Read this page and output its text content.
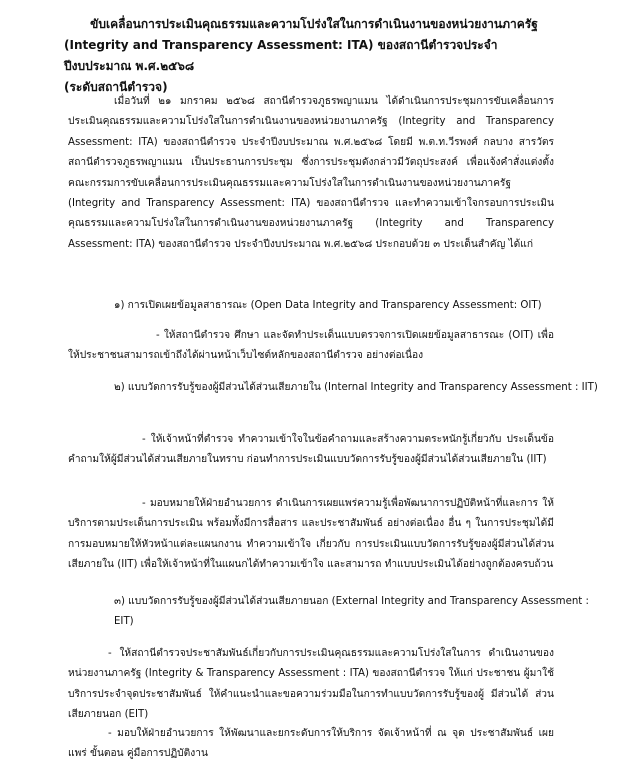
ขับเคลื่อนการประเมินคุณธรรมและความโปร่งใสในการดำเนินงานของหน่วยงานภาครัฐ
(Integrity and Transparency Assessment: ITA) ของสถานีตำรวจประจำปีงบประมาณ พ.ศ.๒๕๖๘
(ระดับสถานีตำรวจ)

เมื่อวันที่ ๒๑ มกราคม ๒๕๖๘ สถานีตำรวจภูธรพญาแมน ได้ดำเนินการประชุมการขับเคลื่อนการประเมินคุณธรรมและความโปร่งใสในการดำเนินงานของหน่วยงานภาครัฐ (Integrity and Transparency Assessment: ITA) ของสถานีตำรวจ ประจำปีงบประมาณ พ.ศ.๒๕๖๘ โดยมี พ.ต.ท.วีรพงศ์ กลบาง สารวัตรสถานีตำรวจภูธรพญาแมน เป็นประธานการประชุม ซึ่งการประชุมดังกล่าวมีวัตถุประสงค์ เพื่อแจ้งคำสั่งแต่งตั้งคณะกรรมการขับเคลื่อนการประเมินคุณธรรมและความโปร่งใสในการดำเนินงานของหน่วยงานภาครัฐ (Integrity and Transparency Assessment: ITA) ของสถานีตำรวจ และทำความเข้าใจกรอบการประเมินคุณธรรมและความโปร่งใสในการดำเนินงานของหน่วยงานภาครัฐ (Integrity and Transparency Assessment: ITA) ของสถานีตำรวจ ประจำปีงบประมาณ พ.ศ.๒๕๖๘ ประกอบด้วย ๓ ประเด็นสำคัญ ได้แก่

๑) การเปิดเผยข้อมูลสาธารณะ (Open Data Integrity and Transparency Assessment: OIT)

- ให้สถานีตำรวจ ศึกษา และจัดทำประเด็นแบบตรวจการเปิดเผยข้อมูลสาธารณะ (OIT) เพื่อให้ประชาชนสามารถเข้าถึงได้ผ่านหน้าเว็บไซต์หลักของสถานีตำรวจ อย่างต่อเนื่อง

๒) แบบวัดการรับรู้ของผู้มีส่วนได้ส่วนเสียภายใน (Internal Integrity and Transparency Assessment : IIT)

- ให้เจ้าหน้าที่ตำรวจ ทำความเข้าใจในข้อคำถามและสร้างความตระหนักรู้เกี่ยวกับ ประเด็นข้อคำถามให้ผู้มีส่วนได้ส่วนเสียภายในทราบ ก่อนทำการประเมินแบบวัดการรับรู้ของผู้มีส่วนได้ส่วนเสียภายใน (IIT)

- มอบหมายให้ฝ่ายอำนวยการ ดำเนินการเผยแพร่ความรู้เพื่อพัฒนาการปฏิบัติหน้าที่และการ ให้บริการตามประเด็นการประเมิน พร้อมทั้งมีการสื่อสาร และประชาสัมพันธ์ อย่างต่อเนื่อง อื่น ๆ ในการประชุมได้มีการมอบหมายให้หัวหน้าแต่ละแผนกงาน ทำความเข้าใจ เกี่ยวกับ การประเมินแบบวัดการรับรู้ของผู้มีส่วนได้ส่วนเสียภายใน (IIT) เพื่อให้เจ้าหน้าที่ในแผนกได้ทำความเข้าใจ และสามารถ ทำแบบประเมินได้อย่างถูกต้องครบถ้วน

๓) แบบวัดการรับรู้ของผู้มีส่วนได้ส่วนเสียภายนอก (External Integrity and Transparency Assessment : EIT)

- ให้สถานีตำรวจประชาสัมพันธ์เกี่ยวกับการประเมินคุณธรรมและความโปร่งใสในการ ดำเนินงานของหน่วยงานภาครัฐ (Integrity & Transparency Assessment : ITA) ของสถานีตำรวจ ให้แก่ ประชาชน ผู้มาใช้บริการประจำจุดประชาสัมพันธ์ ให้คำแนะนำและขอความร่วมมือในการทำแบบวัดการรับรู้ของผู้ มีส่วนได้ ส่วน เสียภายนอก (EIT)

- มอบให้ฝ่ายอำนวยการ ให้พัฒนาและยกระดับการให้บริการ จัดเจ้าหน้าที่ ณ จุด ประชาสัมพันธ์ เผยแพร่ ขั้นตอน คู่มือการปฏิบัติงาน
